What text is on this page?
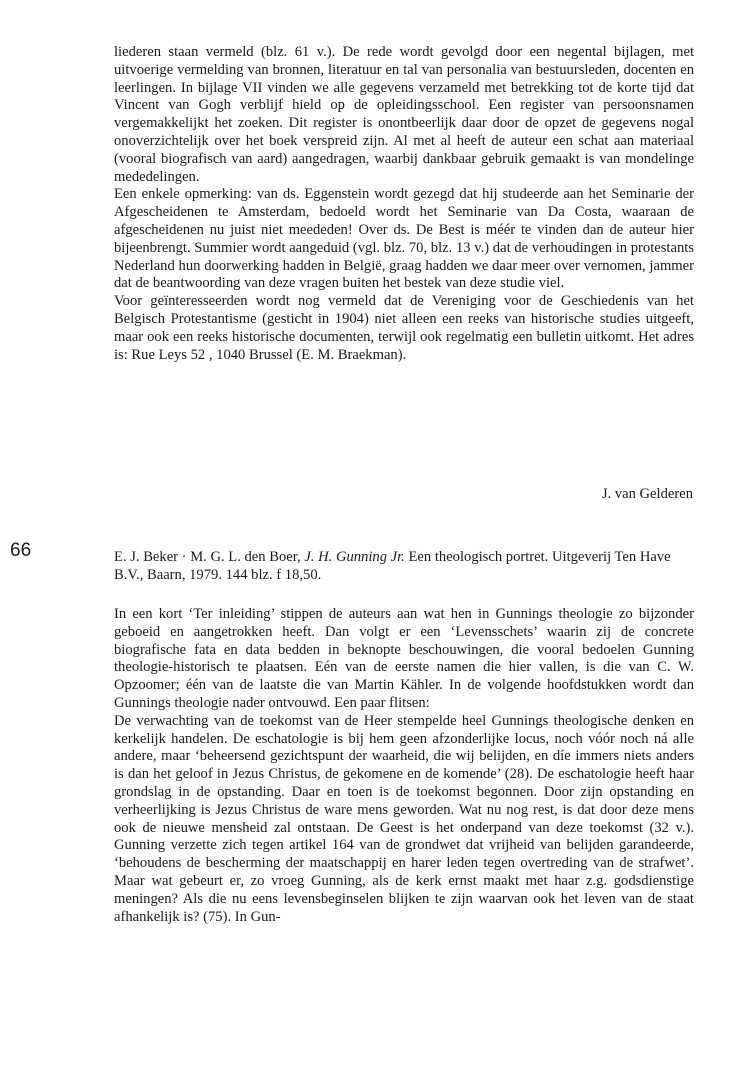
66

liederen staan vermeld (blz. 61 v.). De rede wordt gevolgd door een negental bijlagen, met uitvoerige vermelding van bronnen, literatuur en tal van personalia van bestuursleden, docenten en leerlingen. In bijlage VII vinden we alle gegevens verzameld met betrekking tot de korte tijd dat Vincent van Gogh verblijf hield op de opleidingsschool. Een register van persoonsnamen vergemakkelijkt het zoeken. Dit register is onontbeerlijk daar door de opzet de gegevens nogal onoverzichtelijk over het boek verspreid zijn. Al met al heeft de auteur een schat aan materiaal (vooral biografisch van aard) aangedragen, waarbij dankbaar gebruik gemaakt is van mondelinge mededelingen.

Een enkele opmerking: van ds. Eggenstein wordt gezegd dat hij studeerde aan het Seminarie der Afgescheidenen te Amsterdam, bedoeld wordt het Seminarie van Da Costa, waaraan de afgescheidenen nu juist niet meededen! Over ds. De Best is méér te vinden dan de auteur hier bijeenbrengt. Summier wordt aangeduid (vgl. blz. 70, blz. 13 v.) dat de verhoudingen in protestants Nederland hun doorwerking hadden in België, graag hadden we daar meer over vernomen, jammer dat de beantwoording van deze vragen buiten het bestek van deze studie viel.

Voor geïnteresseerden wordt nog vermeld dat de Vereniging voor de Geschiedenis van het Belgisch Protestantisme (gesticht in 1904) niet alleen een reeks van historische studies uitgeeft, maar ook een reeks historische documenten, terwijl ook regelmatig een bulletin uitkomt. Het adres is: Rue Leys 52 , 1040 Brussel (E. M. Braekman).

J. van Gelderen

E. J. Beker · M. G. L. den Boer, J. H. Gunning Jr. Een theologisch portret. Uitgeverij Ten Have B.V., Baarn, 1979. 144 blz. f 18,50.

In een kort ‘Ter inleiding’ stippen de auteurs aan wat hen in Gunnings theologie zo bijzonder geboeid en aangetrokken heeft. Dan volgt er een ‘Levensschets’ waarin zij de concrete biografische fata en data bedden in beknopte beschouwingen, die vooral bedoelen Gunning theologie-historisch te plaatsen. Eén van de eerste namen die hier vallen, is die van C. W. Opzoomer; één van de laatste die van Martin Kähler. In de volgende hoofdstukken wordt dan Gunnings theologie nader ontvouwd. Een paar flitsen:

De verwachting van de toekomst van de Heer stempelde heel Gunnings theologische denken en kerkelijk handelen. De eschatologie is bij hem geen afzonderlijke locus, noch vóór noch ná alle andere, maar ‘beheersend gezichtspunt der waarheid, die wij belijden, en díe immers niets anders is dan het geloof in Jezus Christus, de gekomene en de komende’ (28). De eschatologie heeft haar grondslag in de opstanding. Daar en toen is de toekomst begonnen. Door zijn opstanding en verheerlijking is Jezus Christus de ware mens geworden. Wat nu nog rest, is dat door deze mens ook de nieuwe mensheid zal ontstaan. De Geest is het onderpand van deze toekomst (32 v.). Gunning verzette zich tegen artikel 164 van de grondwet dat vrijheid van belijden garandeerde, ‘behoudens de bescherming der maatschappij en harer leden tegen overtreding van de strafwet’. Maar wat gebeurt er, zo vroeg Gunning, als de kerk ernst maakt met haar z.g. godsdienstige meningen? Als die nu eens levensbeginselen blijken te zijn waarvan ook het leven van de staat afhankelijk is? (75). In Gun-
